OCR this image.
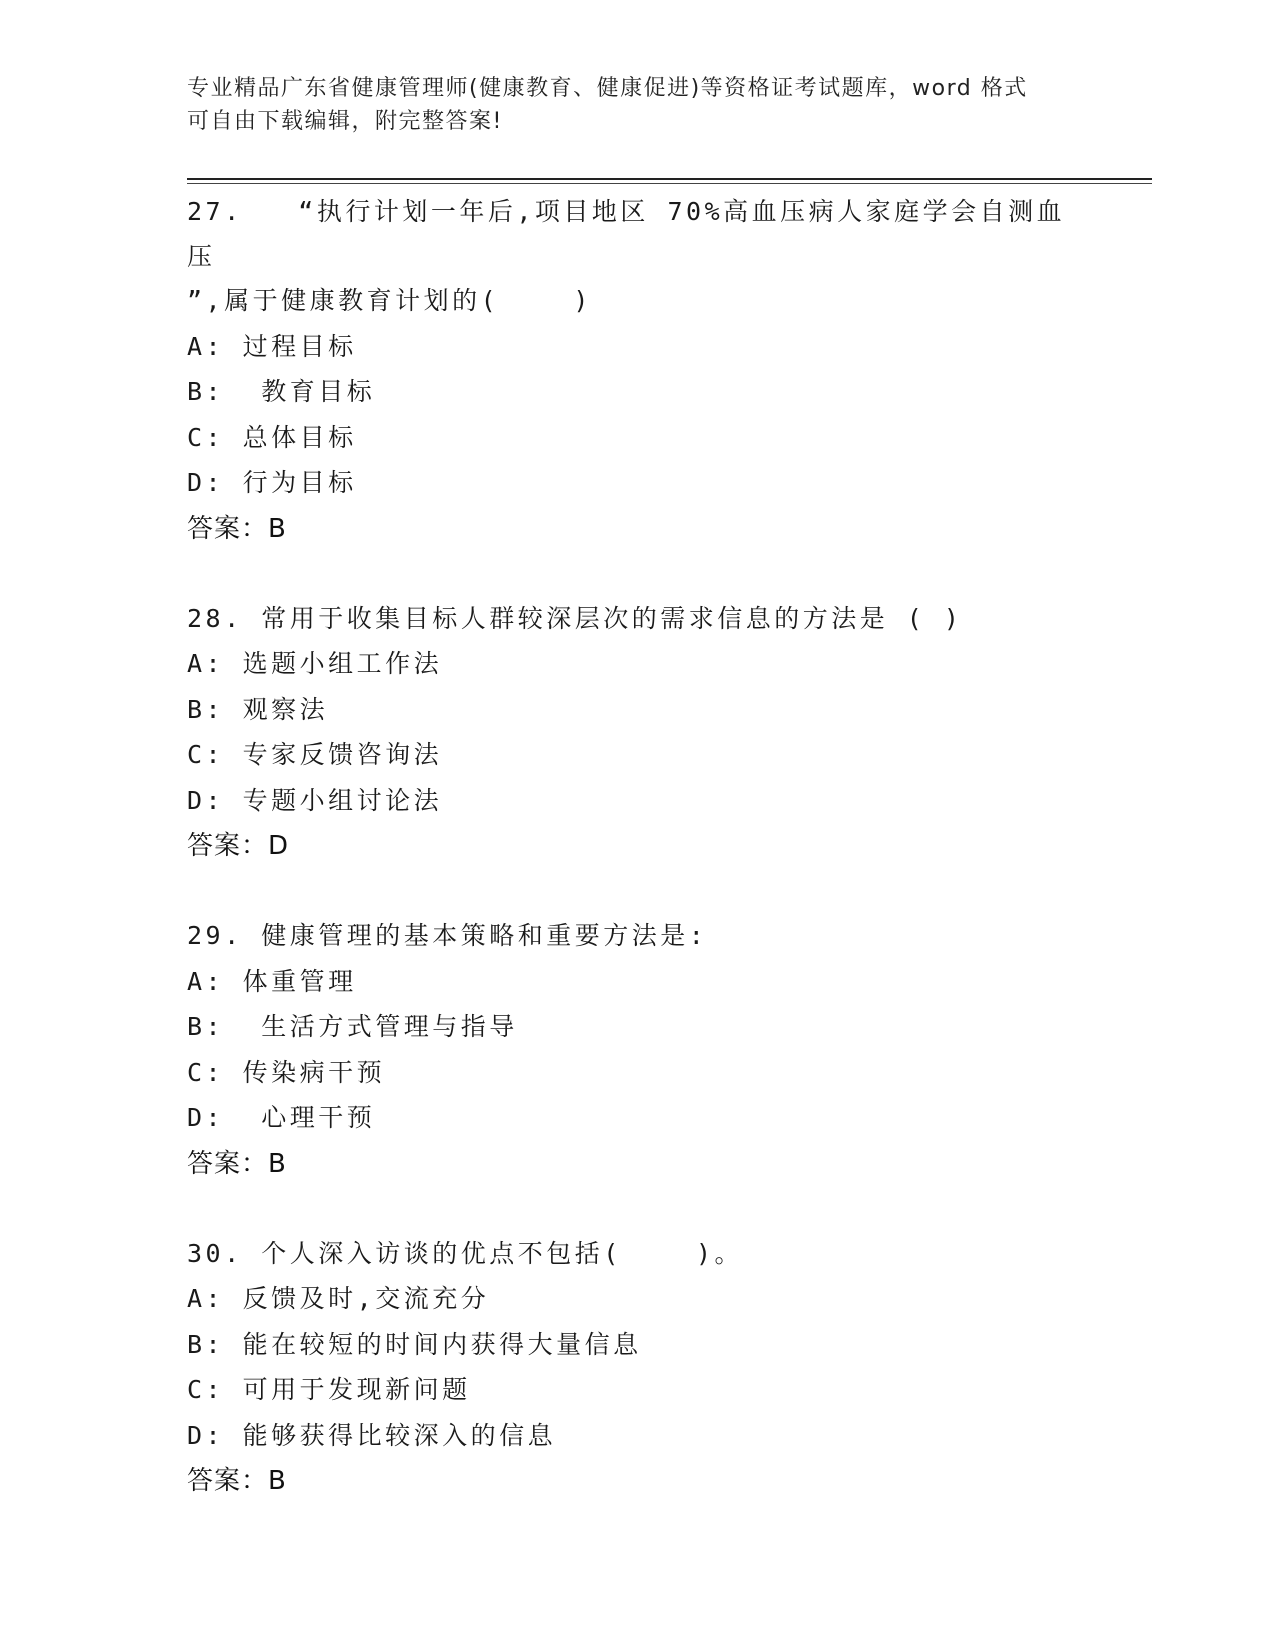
专业精品广东省健康管理师(健康教育、健康促进)等资格证考试题库，word 格式
可自由下载编辑，附完整答案!
27.   “执行计划一年后,项目地区 70%高血压病人家庭学会自测血压
”,属于健康教育计划的(    )
A: 过程目标
B:  教育目标
C: 总体目标
D: 行为目标
答案：B
28. 常用于收集目标人群较深层次的需求信息的方法是 ( )
A: 选题小组工作法
B: 观察法
C: 专家反馈咨询法
D: 专题小组讨论法
答案：D
29. 健康管理的基本策略和重要方法是:
A: 体重管理
B:  生活方式管理与指导
C: 传染病干预
D:  心理干预
答案：B
30. 个人深入访谈的优点不包括(    )。
A: 反馈及时,交流充分
B: 能在较短的时间内获得大量信息
C: 可用于发现新问题
D: 能够获得比较深入的信息
答案：B
